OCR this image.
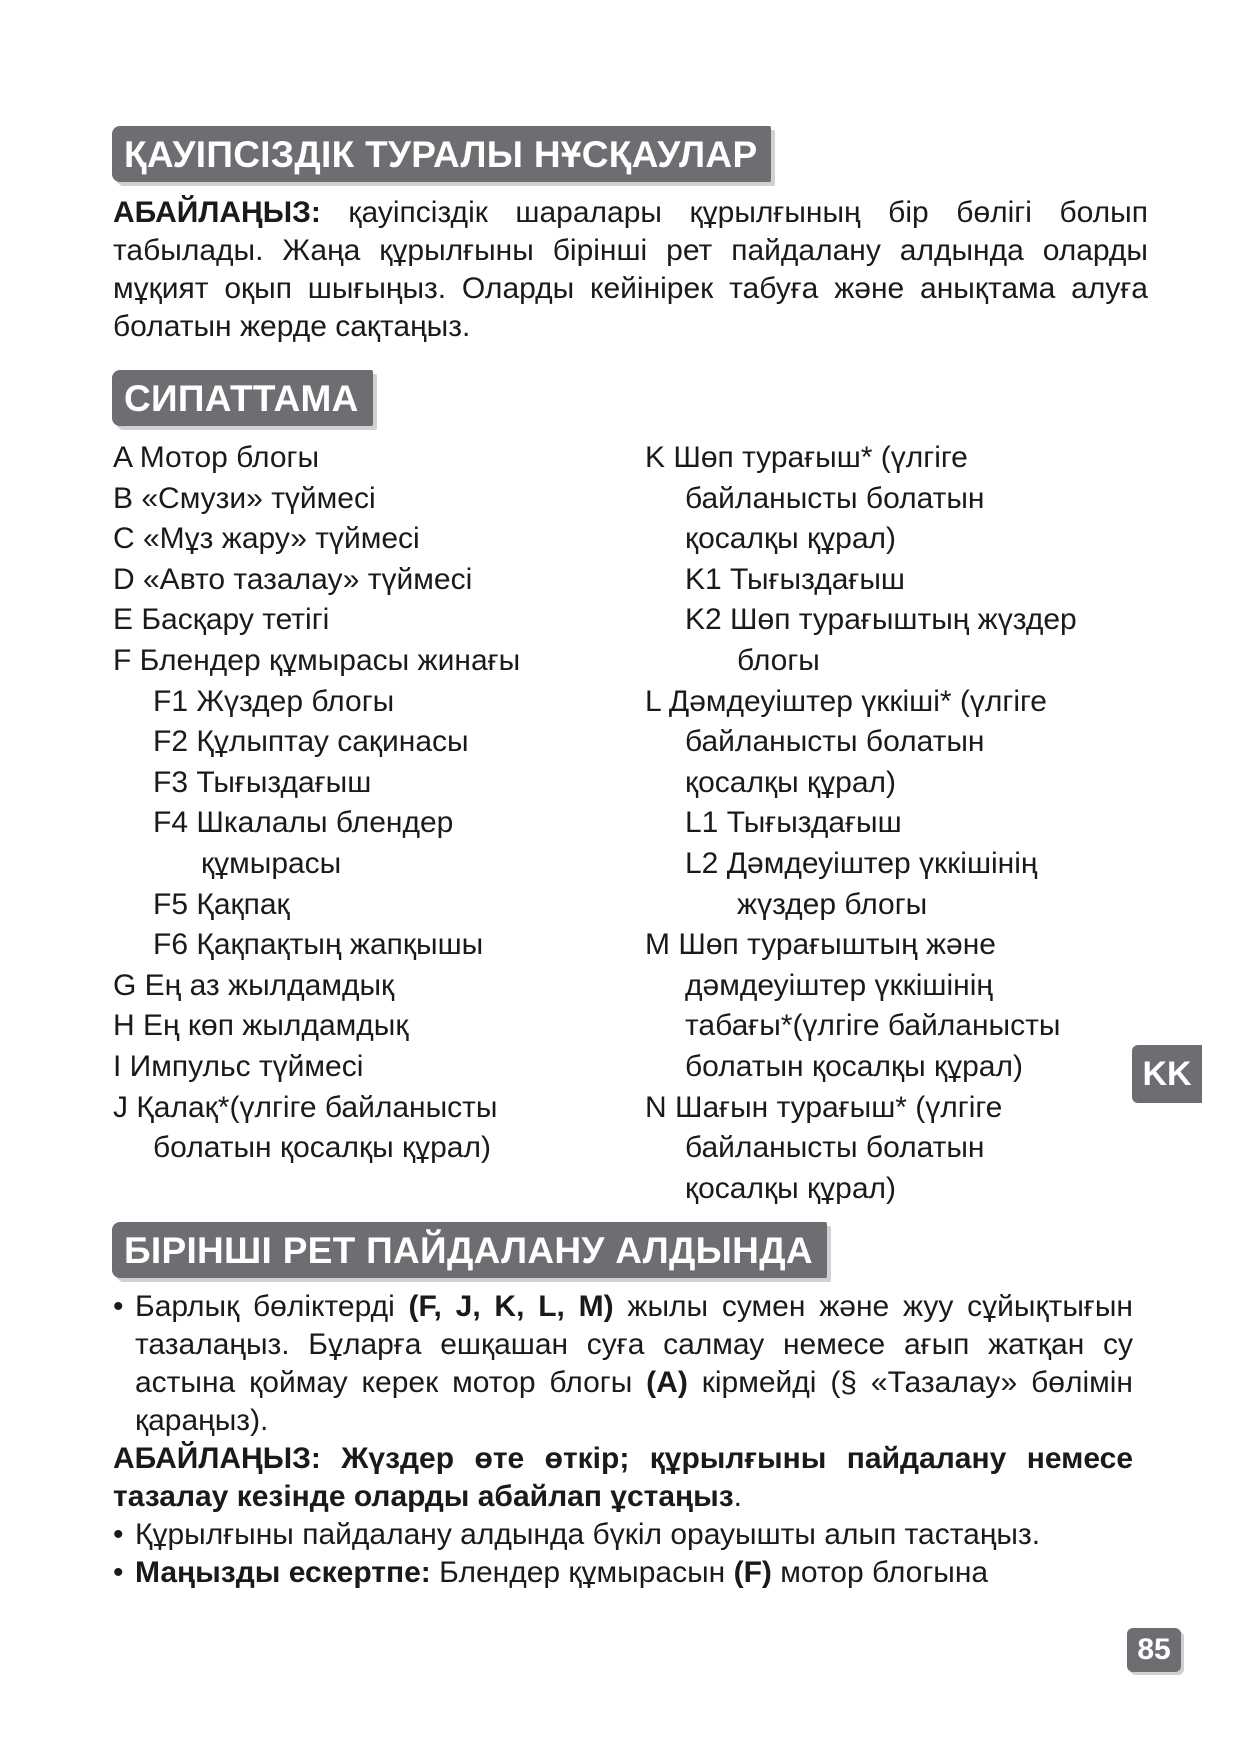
ҚАУІПСІЗДІК ТУРАЛЫ НҰСҚАУЛАР
АБАЙЛАҢЫЗ: қауіпсіздік шаралары құрылғының бір бөлігі болып табылады. Жаңа құрылғыны бірінші рет пайдалану алдында оларды мұқият оқып шығыңыз. Оларды кейінірек табуға және анықтама алуға болатын жерде сақтаңыз.
СИПАТТАМА
A Мотор блогы
B «Смузи» түймесі
C «Мұз жару» түймесі
D «Авто тазалау» түймесі
E Басқару тетігі
F Блендер құмырасы жинағы
F1 Жүздер блогы
F2 Құлыптау сақинасы
F3 Тығыздағыш
F4 Шкалалы блендер
құмырасы
F5 Қақпақ
F6 Қақпақтың жапқышы
G Ең аз жылдамдық
H Ең көп жылдамдық
I Импульс түймесі
J Қалақ*(үлгіге байланысты
болатын қосалқы құрал)
K Шөп турағыш* (үлгіге
байланысты болатын
қосалқы құрал)
K1 Тығыздағыш
K2 Шөп турағыштың жүздер
блогы
L Дәмдеуіштер үккіші* (үлгіге
байланысты болатын
қосалқы құрал)
L1 Тығыздағыш
L2 Дәмдеуіштер үккішінің
жүздер блогы
M Шөп турағыштың және
дәмдеуіштер үккішінің
табағы*(үлгіге байланысты
болатын қосалқы құрал)
N Шағын турағыш* (үлгіге
байланысты болатын
қосалқы құрал)
БІРІНШІ РЕТ ПАЙДАЛАНУ АЛДЫНДА
• Барлық бөліктерді (F, J, K, L, M) жылы сумен және жуу сұйықтығын тазалаңыз. Бұларға ешқашан суға салмау немесе ағып жатқан су астына қоймау керек мотор блогы (A) кірмейді (§ «Тазалау» бөлімін қараңыз).
АБАЙЛАҢЫЗ: Жүздер өте өткір; құрылғыны пайдалану немесе тазалау кезінде оларды абайлап ұстаңыз.
• Құрылғыны пайдалану алдында бүкіл орауышты алып тастаңыз.
• Маңызды ескертпе: Блендер құмырасын (F) мотор блогына
KK
85
